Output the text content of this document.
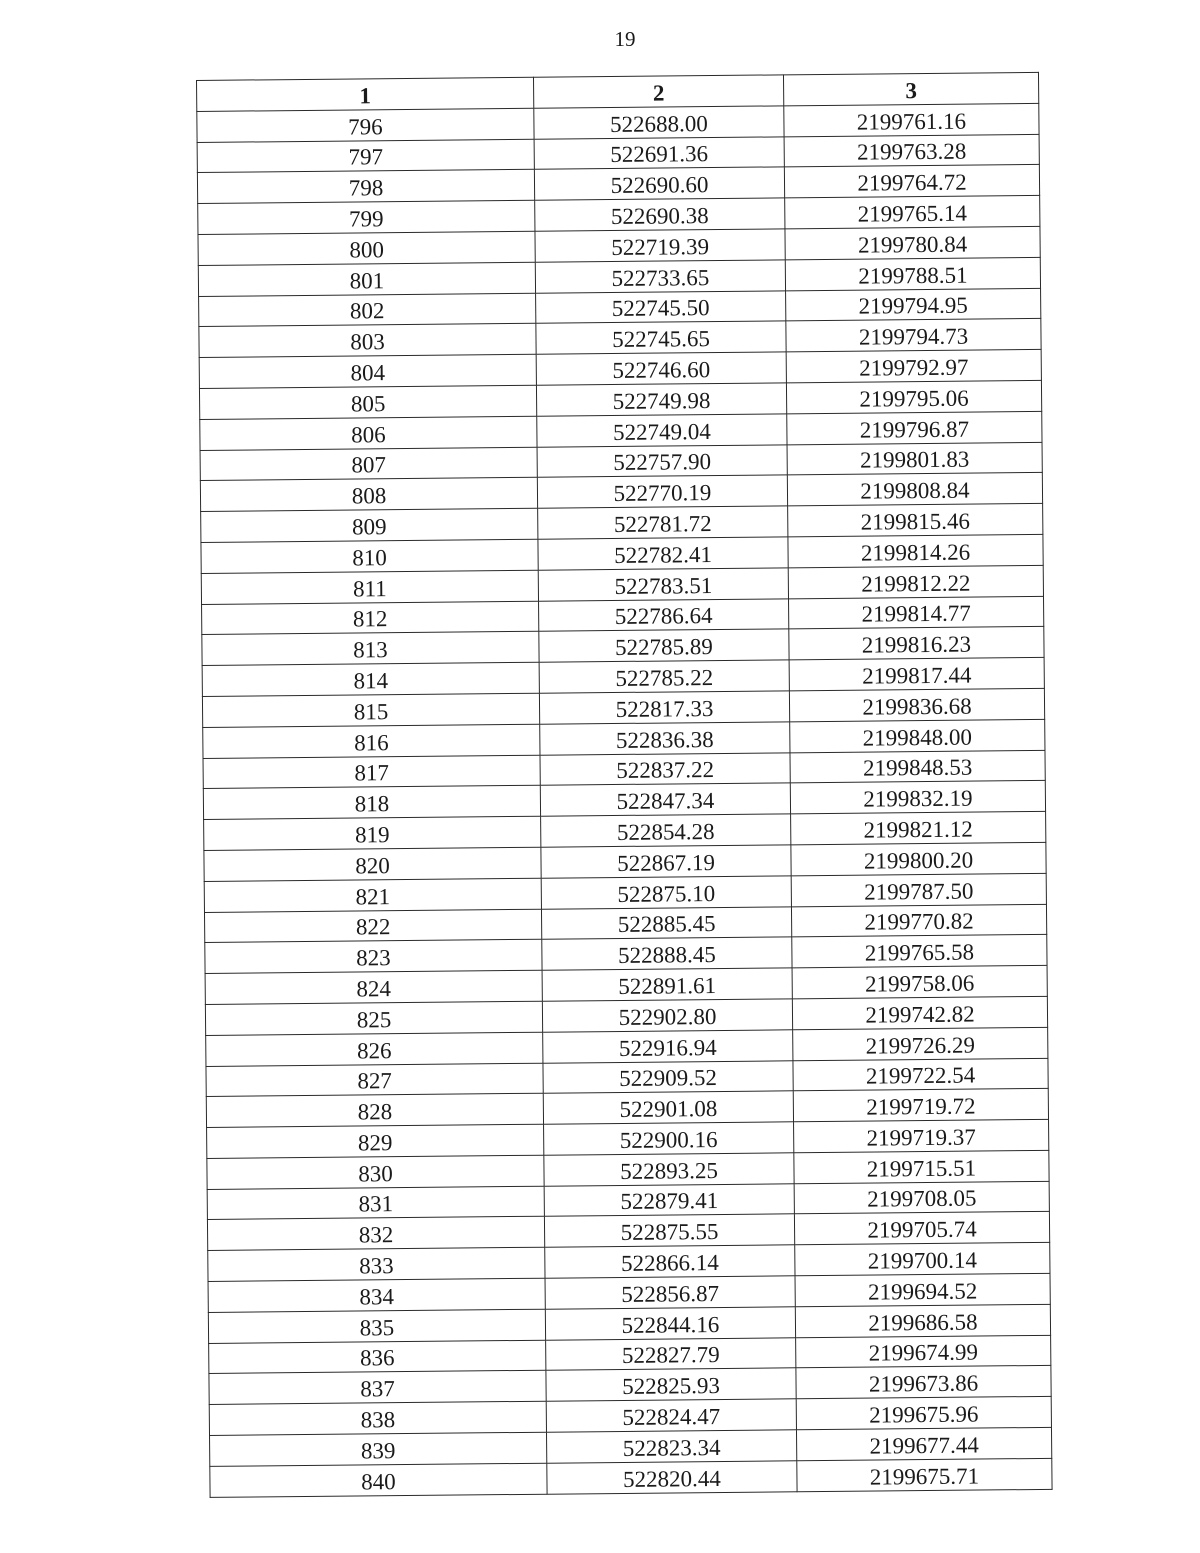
19
1	2	3
796	522688.00	2199761.16
797	522691.36	2199763.28
798	522690.60	2199764.72
799	522690.38	2199765.14
800	522719.39	2199780.84
801	522733.65	2199788.51
802	522745.50	2199794.95
803	522745.65	2199794.73
804	522746.60	2199792.97
805	522749.98	2199795.06
806	522749.04	2199796.87
807	522757.90	2199801.83
808	522770.19	2199808.84
809	522781.72	2199815.46
810	522782.41	2199814.26
811	522783.51	2199812.22
812	522786.64	2199814.77
813	522785.89	2199816.23
814	522785.22	2199817.44
815	522817.33	2199836.68
816	522836.38	2199848.00
817	522837.22	2199848.53
818	522847.34	2199832.19
819	522854.28	2199821.12
820	522867.19	2199800.20
821	522875.10	2199787.50
822	522885.45	2199770.82
823	522888.45	2199765.58
824	522891.61	2199758.06
825	522902.80	2199742.82
826	522916.94	2199726.29
827	522909.52	2199722.54
828	522901.08	2199719.72
829	522900.16	2199719.37
830	522893.25	2199715.51
831	522879.41	2199708.05
832	522875.55	2199705.74
833	522866.14	2199700.14
834	522856.87	2199694.52
835	522844.16	2199686.58
836	522827.79	2199674.99
837	522825.93	2199673.86
838	522824.47	2199675.96
839	522823.34	2199677.44
840	522820.44	2199675.71
